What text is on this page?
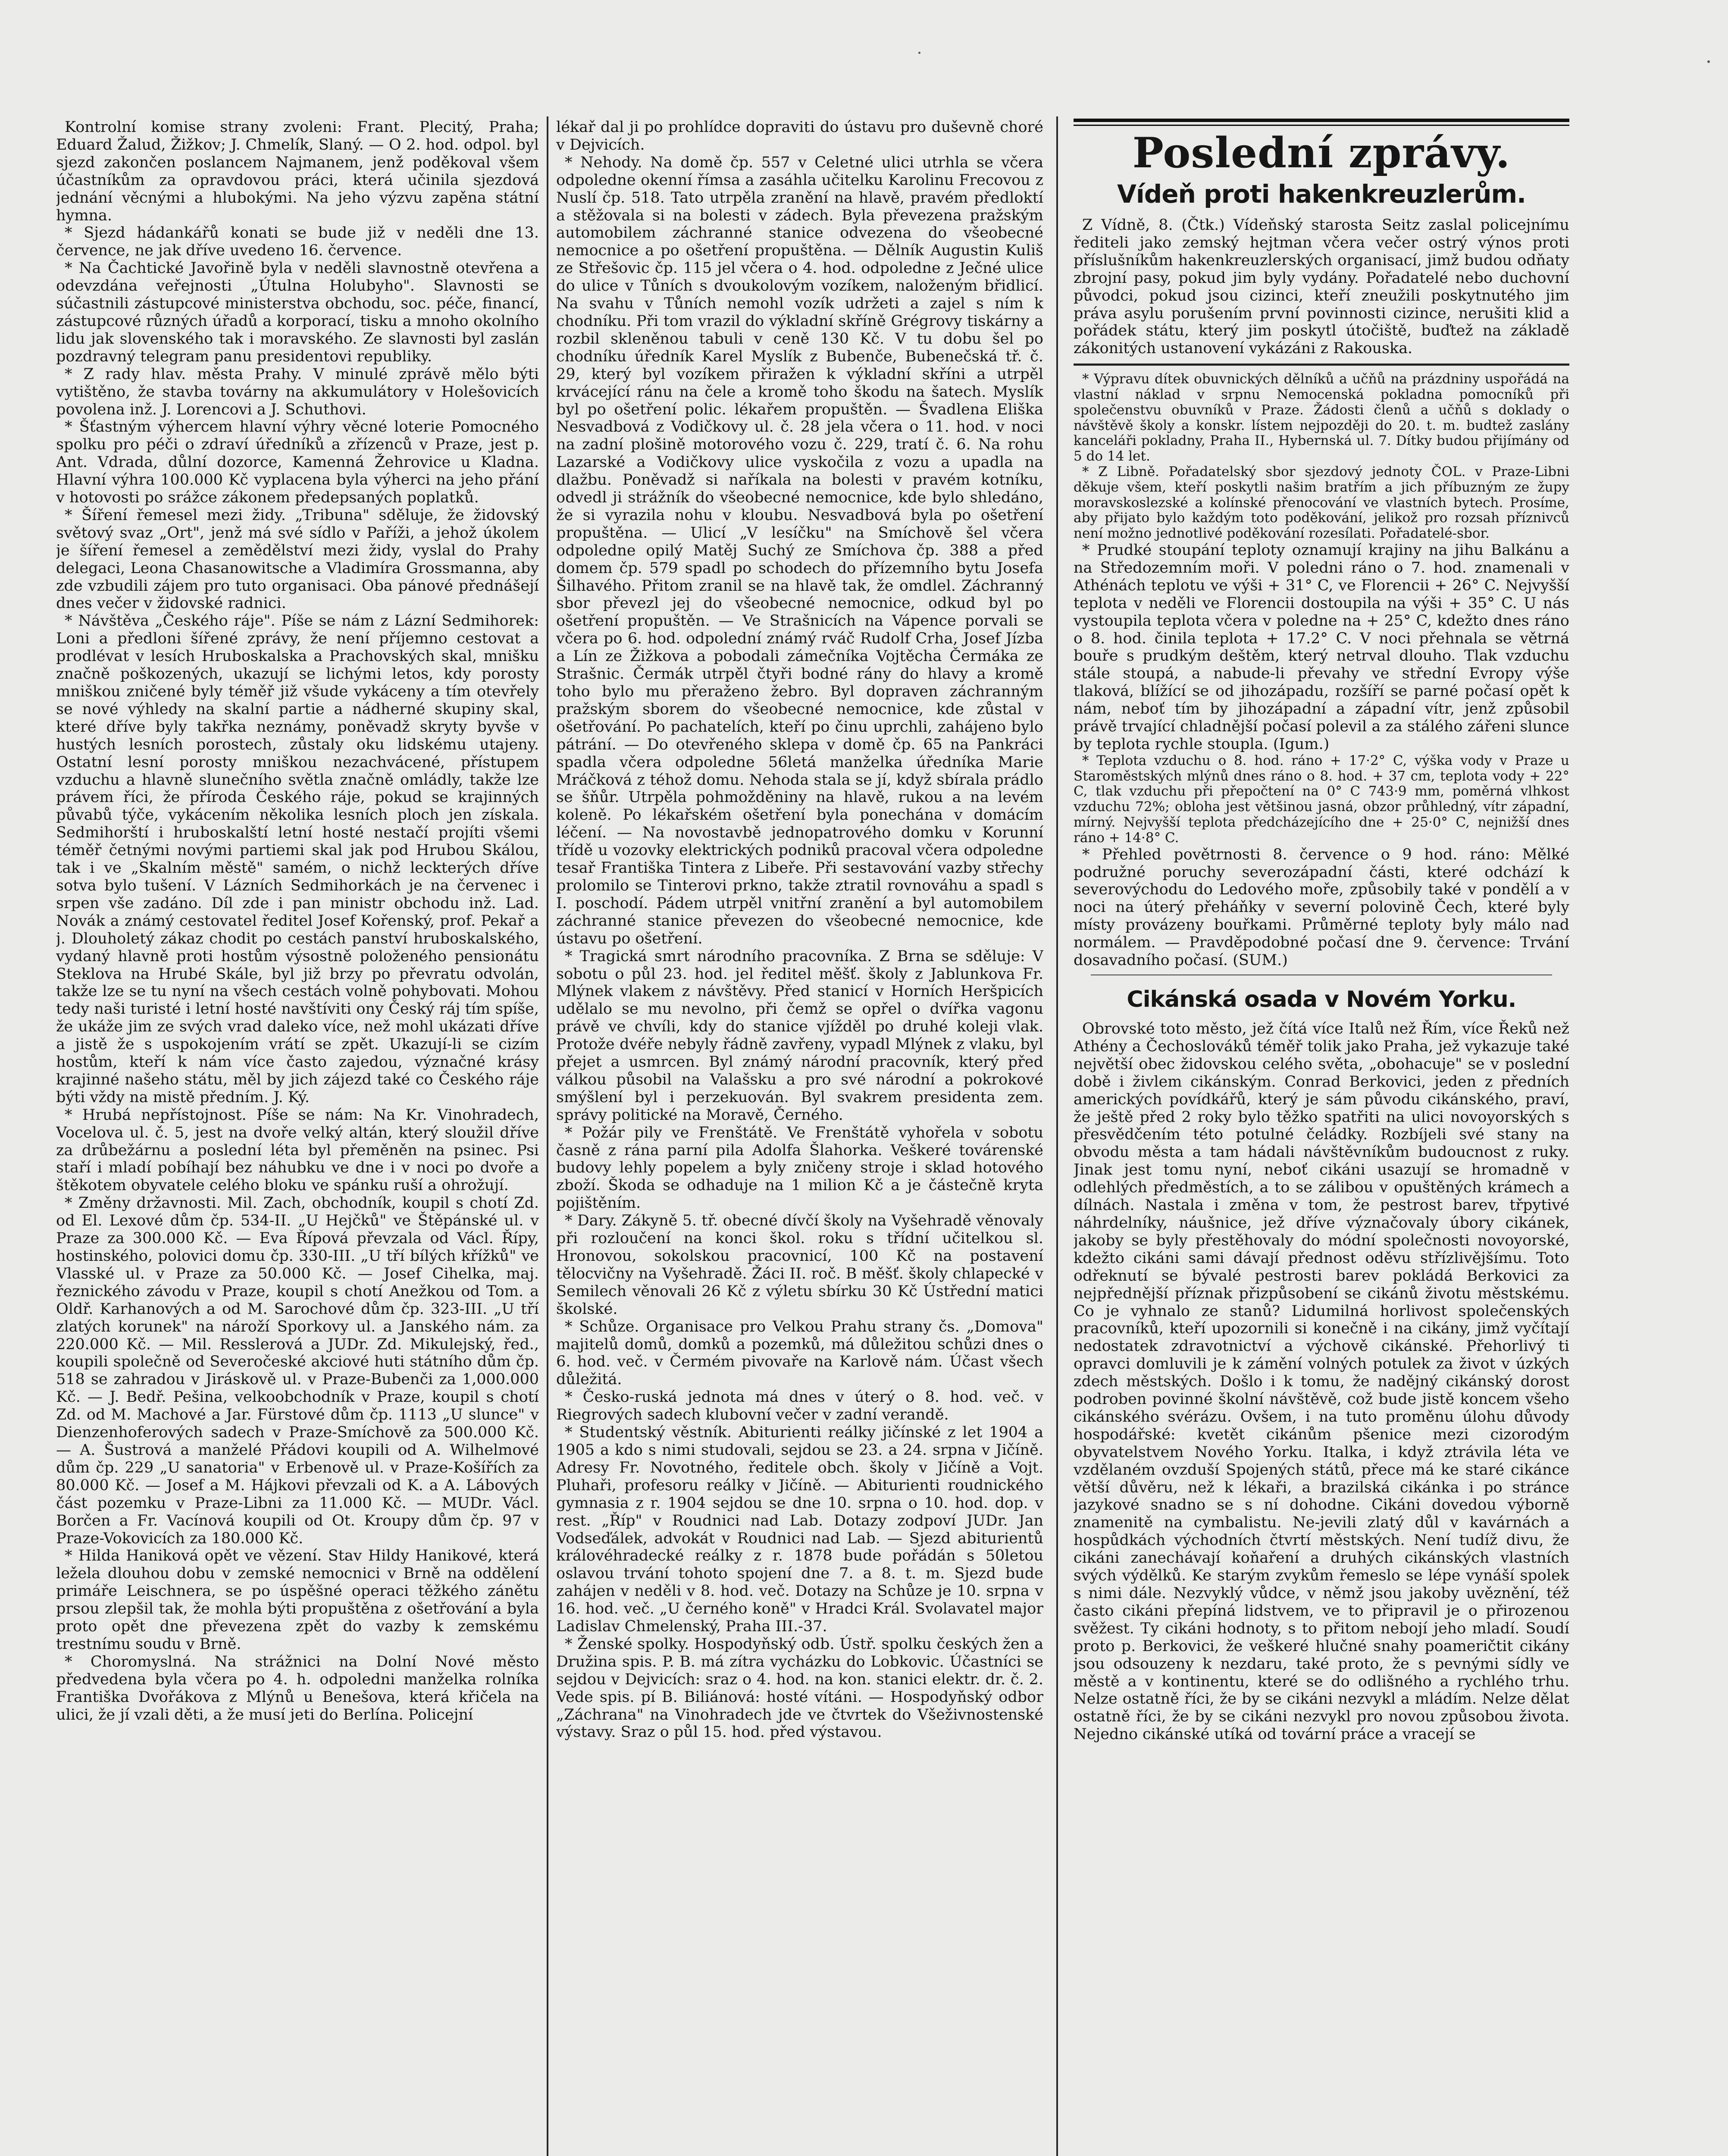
Kontrolní komise strany zvoleni: Frant. Plecitý, Praha; Eduard Žalud, Žižkov; J. Chmelík, Slaný. — O 2. hod. odpol. byl sjezd zakončen poslancem Najmanem, jenž poděkoval všem účastníkům za opravdovou práci, která učinila sjezdová jednání věcnými a hlubokými. Na jeho výzvu zapěna státní hymna.

* Sjezd hádankářů konati se bude již v neděli dne 13. července, ne jak dříve uvedeno 16. července.

* Na Čachtické Javořině byla v neděli slavnostně otevřena a odevzdána veřejnosti „Útulna Holubyho". Slavnosti se súčastnili zástupcové ministerstva obchodu, soc. péče, financí, zástupcové různých úřadů a korporací, tisku a mnoho okolního lidu jak slovenského tak i moravského. Ze slavnosti byl zaslán pozdravný telegram panu presidentovi republiky.

* Z rady hlav. města Prahy. V minulé zprávě mělo býti vytištěno, že stavba továrny na akkumulátory v Holešovicích povolena inž. J. Lorencovi a J. Schuthovi.

* Šťastným výhercem hlavní výhry věcné loterie Pomocného spolku pro péči o zdraví úředníků a zřízenců v Praze, jest p. Ant. Vdrada, důlní dozorce, Kamenná Žehrovice u Kladna. Hlavní výhra 100.000 Kč vyplacena byla výherci na jeho přání v hotovosti po srážce zákonem předepsaných poplatků.

* Šíření řemesel mezi židy. „Tribuna" sděluje, že židovský světový svaz „Ort", jenž má své sídlo v Paříži, a jehož úkolem je šíření řemesel a zemědělství mezi židy, vyslal do Prahy delegaci, Leona Chasanowitsche a Vladimíra Grossmanna, aby zde vzbudili zájem pro tuto organisaci. Oba pánové přednášejí dnes večer v židovské radnici.

* Návštěva „Českého ráje". Píše se nám z Lázní Sedmihorek: Loni a předloni šířené zprávy, že není příjemno cestovat a prodlévat v lesích Hruboskalska a Prachovských skal, mnišku značně poškozených, ukazují se lichými letos, kdy porosty mniškou zničené byly téměř již všude vykáceny a tím otevřely se nové výhledy na skalní partie a nádherné skupiny skal, které dříve byly takřka neznámy, poněvadž skryty byvše v hustých lesních porostech, zůstaly oku lidskému utajeny. Ostatní lesní porosty mniškou nezachvácené, přístupem vzduchu a hlavně slunečního světla značně omládly, takže lze právem říci, že příroda Českého ráje, pokud se krajinných půvabů týče, vykácením několika lesních ploch jen získala. Sedmihorští i hruboskalští letní hosté nestačí projíti všemi téměř četnými novými partiemi skal jak pod Hrubou Skálou, tak i ve „Skalním městě" samém, o nichž leckterých dříve sotva bylo tušení. V Lázních Sedmihorkách je na červenec i srpen vše zadáno. Díl zde i pan ministr obchodu inž. Lad. Novák a známý cestovatel ředitel Josef Kořenský, prof. Pekař a j. Dlouholetý zákaz chodit po cestách panství hruboskalského, vydaný hlavně proti hostům výsostně položeného pensionátu Steklova na Hrubé Skále, byl již brzy po převratu odvolán, takže lze se tu nyní na všech cestách volně pohybovati. Mohou tedy naši turisté i letní hosté navštíviti ony Český ráj tím spíše, že ukáže jim ze svých vrad daleko více, než mohl ukázati dříve a jistě že s uspokojením vrátí se zpět. Ukazují-li se cizím hostům, kteří k nám více často zajedou, význačné krásy krajinné našeho státu, měl by jich zájezd také co Českého ráje býti vždy na mistě předním. J. Ký.

* Hrubá nepřístojnost. Píše se nám: Na Kr. Vinohradech, Vocelova ul. č. 5, jest na dvoře velký altán, který sloužil dříve za drůbežárnu a poslední léta byl přeměněn na psinec. Psi staří i mladí pobíhají bez náhubku ve dne i v noci po dvoře a štěkotem obyvatele celého bloku ve spánku ruší a ohrožují.

* Změny državnosti. Mil. Zach, obchodník, koupil s chotí Zd. od El. Lexové dům čp. 534-II. „U Hejčků" ve Štěpánské ul. v Praze za 300.000 Kč. — Eva Řípová převzala od Václ. Řípy, hostinského, polovici domu čp. 330-III. „U tří bílých křížků" ve Vlasské ul. v Praze za 50.000 Kč. — Josef Cihelka, maj. řeznického závodu v Praze, koupil s chotí Anežkou od Tom. a Oldř. Karhanových a od M. Sarochové dům čp. 323-III. „U tří zlatých korunek" na nároží Sporkovy ul. a Janského nám. za 220.000 Kč. — Mil. Resslerová a JUDr. Zd. Mikulejský, řed., koupili společně od Severočeské akciové huti státního dům čp. 518 se zahradou v Jiráskově ul. v Praze-Bubenči za 1,000.000 Kč. — J. Bedř. Pešina, velkoobchodník v Praze, koupil s chotí Zd. od M. Machové a Jar. Fürstové dům čp. 1113 „U slunce" v Dienzenhoferových sadech v Praze-Smíchově za 500.000 Kč. — A. Šustrová a manželé Přádovi koupili od A. Wilhelmové dům čp. 229 „U sanatoria" v Erbenově ul. v Praze-Košířích za 80.000 Kč. — Josef a M. Hájkovi převzali od K. a A. Lábových část pozemku v Praze-Libni za 11.000 Kč. — MUDr. Václ. Borčen a Fr. Vacínová koupili od Ot. Kroupy dům čp. 97 v Praze-Vokovicích za 180.000 Kč.

* Hilda Haniková opět ve vězení. Stav Hildy Hanikové, která ležela dlouhou dobu v zemské nemocnici v Brně na oddělení primáře Leischnera, se po úspěšné operaci těžkého zánětu prsou zlepšil tak, že mohla býti propuštěna z ošetřování a byla proto opět dne převezena zpět do vazby k zemskému trestnímu soudu v Brně.

* Choromyslná. Na strážnici na Dolní Nové město předvedena byla včera po 4. h. odpoledni manželka rolníka Františka Dvořákova z Mlýnů u Benešova, která křičela na ulici, že jí vzali děti, a že musí jeti do Berlína. Policejní

lékař dal ji po prohlídce dopraviti do ústavu pro duševně choré v Dejvicích.

* Nehody. Na domě čp. 557 v Celetné ulici utrhla se včera odpoledne okenní římsa a zasáhla učitelku Karolinu Frecovou z Nuslí čp. 518. Tato utrpěla zranění na hlavě, pravém předloktí a stěžovala si na bolesti v zádech. Byla převezena pražským automobilem záchranné stanice odvezena do všeobecné nemocnice a po ošetření propuštěna. — Dělník Augustin Kuliš ze Střešovic čp. 115 jel včera o 4. hod. odpoledne z Ječné ulice do ulice v Tůních s dvoukolovým vozíkem, naloženým břidlicí. Na svahu v Tůních nemohl vozík udržeti a zajel s ním k chodníku. Při tom vrazil do výkladní skříně Grégrovy tiskárny a rozbil skleněnou tabuli v ceně 130 Kč. V tu dobu šel po chodníku úředník Karel Myslík z Bubenče, Bubenečská tř. č. 29, který byl vozíkem přiražen k výkladní skříni a utrpěl krvácející ránu na čele a kromě toho škodu na šatech. Myslík byl po ošetření polic. lékařem propuštěn. — Švadlena Eliška Nesvadbová z Vodičkovy ul. č. 28 jela včera o 11. hod. v noci na zadní plošině motorového vozu č. 229, tratí č. 6. Na rohu Lazarské a Vodičkovy ulice vyskočila z vozu a upadla na dlažbu. Poněvadž si naříkala na bolesti v pravém kotníku, odvedl ji strážník do všeobecné nemocnice, kde bylo shledáno, že si vyrazila nohu v kloubu. Nesvadbová byla po ošetření propuštěna. — Ulicí „V lesíčku" na Smíchově šel včera odpoledne opilý Matěj Suchý ze Smíchova čp. 388 a před domem čp. 579 spadl po schodech do přízemního bytu Josefa Šilhavého. Přitom zranil se na hlavě tak, že omdlel. Záchranný sbor převezl jej do všeobecné nemocnice, odkud byl po ošetření propuštěn. — Ve Strašnicích na Vápence porvali se včera po 6. hod. odpolední známý rváč Rudolf Crha, Josef Jízba a Lín ze Žižkova a pobodali zámečníka Vojtěcha Čermáka ze Strašnic. Čermák utrpěl čtyři bodné rány do hlavy a kromě toho bylo mu přeraženo žebro. Byl dopraven záchranným pražským sborem do všeobecné nemocnice, kde zůstal v ošetřování. Po pachatelích, kteří po činu uprchli, zahájeno bylo pátrání. — Do otevřeného sklepa v domě čp. 65 na Pankráci spadla včera odpoledne 56letá manželka úředníka Marie Mráčková z téhož domu. Nehoda stala se jí, když sbírala prádlo se šňůr. Utrpěla pohmožděniny na hlavě, rukou a na levém koleně. Po lékařském ošetření byla ponechána v domácím léčení. — Na novostavbě jednopatrového domku v Korunní třídě u vozovky elektrických podniků pracoval včera odpoledne tesař Františka Tintera z Libeře. Při sestavování vazby střechy prolomilo se Tinterovi prkno, takže ztratil rovnováhu a spadl s I. poschodí. Pádem utrpěl vnitřní zranění a byl automobilem záchranné stanice převezen do všeobecné nemocnice, kde ústavu po ošetření.

* Tragická smrt národního pracovníka. Z Brna se sděluje: V sobotu o půl 23. hod. jel ředitel měšť. školy z Jablunkova Fr. Mlýnek vlakem z návštěvy. Před stanicí v Horních Heršpicích udělalo se mu nevolno, při čemž se opřel o dvířka vagonu právě ve chvíli, kdy do stanice vjížděl po druhé koleji vlak. Protože dvéře nebyly řádně zavřeny, vypadl Mlýnek z vlaku, byl přejet a usmrcen. Byl známý národní pracovník, který před válkou působil na Valašsku a pro své národní a pokrokové smýšlení byl i perzekuován. Byl svakrem presidenta zem. správy politické na Moravě, Černého.

* Požár pily ve Frenštátě. Ve Frenštátě vyhořela v sobotu časně z rána parní pila Adolfa Šlahorka. Veškeré továrenské budovy lehly popelem a byly zničeny stroje i sklad hotového zboží. Škoda se odhaduje na 1 milion Kč a je částečně kryta pojištěním.

* Dary. Zákyně 5. tř. obecné dívčí školy na Vyšehradě věnovaly při rozloučení na konci škol. roku s třídní učitelkou sl. Hronovou, sokolskou pracovnicí, 100 Kč na postavení tělocvičny na Vyšehradě. Žáci II. roč. B měšť. školy chlapecké v Semilech věnovali 26 Kč z výletu sbírku 30 Kč Ústřední matici školské.

* Schůze. Organisace pro Velkou Prahu strany čs. „Domova" majitelů domů, domků a pozemků, má důležitou schůzi dnes o 6. hod. več. v Čermém pivovaře na Karlově nám. Účast všech důležitá.

* Česko-ruská jednota má dnes v úterý o 8. hod. več. v Riegrových sadech klubovní večer v zadní verandě.

* Studentský věstník. Abiturienti reálky jičínské z let 1904 a 1905 a kdo s nimi studovali, sejdou se 23. a 24. srpna v Jičíně. Adresy Fr. Novotného, ředitele obch. školy v Jičíně a Vojt. Pluhaři, profesoru reálky v Jičíně. — Abiturienti roudnického gymnasia z r. 1904 sejdou se dne 10. srpna o 10. hod. dop. v rest. „Říp" v Roudnici nad Lab. Dotazy zodpoví JUDr. Jan Vodseďálek, advokát v Roudnici nad Lab. — Sjezd abiturientů královéhradecké reálky z r. 1878 bude pořádán s 50letou oslavou trvání tohoto spojení dne 7. a 8. t. m. Sjezd bude zahájen v neděli v 8. hod. več. Dotazy na Schůze je 10. srpna v 16. hod. več. „U černého koně" v Hradci Král. Svolavatel major Ladislav Chmelenský, Praha III.-37.

* Ženské spolky. Hospodyňský odb. Ústř. spolku českých žen a Družina spis. P. B. má zítra vycházku do Lobkovic. Účastníci se sejdou v Dejvicích: sraz o 4. hod. na kon. stanici elektr. dr. č. 2. Vede spis. pí B. Biliánová: hosté vítáni. — Hospodyňský odbor „Záchrana" na Vinohradech jde ve čtvrtek do Všeživnostenské výstavy. Sraz o půl 15. hod. před výstavou.

Poslední zprávy.
Vídeň proti hakenkreuzlerům.

Z Vídně, 8. (Čtk.) Vídeňský starosta Seitz zaslal policejnímu řediteli jako zemský hejtman včera večer ostrý výnos proti příslušníkům hakenkreuzlerských organisací, jimž budou odňaty zbrojní pasy, pokud jim byly vydány. Pořadatelé nebo duchovní původci, pokud jsou cizinci, kteří zneužili poskytnutého jim práva asylu porušením první povinnosti cizince, nerušiti klid a pořádek státu, který jim poskytl útočiště, buďtež na základě zákonitých ustanovení vykázáni z Rakouska.

* Výpravu dítek obuvnických dělníků a učňů na prázdniny uspořádá na vlastní náklad v srpnu Nemocenská pokladna pomocníků při společenstvu obuvníků v Praze. Žádosti členů a učňů s doklady o návštěvě školy a konskr. lístem nejpozději do 20. t. m. budtež zaslány kanceláři pokladny, Praha II., Hybernská ul. 7. Dítky budou přijímány od 5 do 14 let.

* Z Libně. Pořadatelský sbor sjezdový jednoty ČOL. v Praze-Libni děkuje všem, kteří poskytli našim bratřím a jich příbuzným ze župy moravskoslezské a kolínské přenocování ve vlastních bytech. Prosíme, aby přijato bylo každým toto poděkování, jelikož pro rozsah příznivců není možno jednotlivé poděkování rozesílati. Pořadatelé-sbor.

* Prudké stoupání teploty oznamují krajiny na jihu Balkánu a na Středozemním moři. V poledni ráno o 7. hod. znamenali v Athénách teplotu ve výši + 31° C, ve Florencii + 26° C. Nejvyšší teplota v neděli ve Florencii dostoupila na výši + 35° C. U nás vystoupila teplota včera v poledne na + 25° C, kdežto dnes ráno o 8. hod. činila teplota + 17.2° C. V noci přehnala se větrná bouře s prudkým deštěm, který netrval dlouho. Tlak vzduchu stále stoupá, a nabude-li převahy ve střední Evropy výše tlaková, blížící se od jihozápadu, rozšíří se parné počasí opět k nám, neboť tím by jihozápadní a západní vítr, jenž způsobil právě trvající chladnější počasí polevil a za stálého zářeni slunce by teplota rychle stoupla. (Igum.)

* Teplota vzduchu o 8. hod. ráno + 17·2° C, výška vody v Praze u Staroměstských mlýnů dnes ráno o 8. hod. + 37 cm, teplota vody + 22° C, tlak vzduchu při přepočtení na 0° C 743·9 mm, poměrná vlhkost vzduchu 72%; obloha jest většinou jasná, obzor průhledný, vítr západní, mírný. Nejvyšší teplota předcházejícího dne + 25·0° C, nejnižší dnes ráno + 14·8° C.

* Přehled povětrnosti 8. července o 9 hod. ráno: Mělké podružné poruchy severozápadní části, které odchází k severovýchodu do Ledového moře, způsobily také v pondělí a v noci na úterý přeháňky v severní polovině Čech, které byly místy provázeny bouřkami. Průměrné teploty byly málo nad normálem. — Pravděpodobné počasí dne 9. července: Trvání dosavadního počasí. (SUM.)

Cikánská osada v Novém Yorku.

Obrovské toto město, jež čítá více Italů než Řím, více Řeků než Athény a Čechoslováků téměř tolik jako Praha, jež vykazuje také největší obec židovskou celého světa, „obohacuje" se v poslední době i živlem cikánským. Conrad Berkovici, jeden z předních amerických povídkářů, který je sám původu cikánského, praví, že ještě před 2 roky bylo těžko spatřiti na ulici novoyorských s přesvědčením této potulné čeládky. Rozbíjeli své stany na obvodu města a tam hádali návštěvníkům budoucnost z ruky. Jinak jest tomu nyní, neboť cikáni usazují se hromadně v odlehlých předměstích, a to se zálibou v opuštěných krámech a dílnách. Nastala i změna v tom, že pestrost barev, třpytivé náhrdelníky, náušnice, jež dříve význačovaly úbory cikánek, jakoby se byly přestěhovaly do módní společnosti novoyorské, kdežto cikáni sami dávají přednost oděvu střízlivějšímu. Toto odřeknutí se bývalé pestrosti barev pokládá Berkovici za nejpřednější příznak přizpůsobení se cikánů životu městskému. Co je vyhnalo ze stanů? Lidumilná horlivost společenských pracovníků, kteří upozornili si konečně i na cikány, jimž vyčítají nedostatek zdravotnictví a výchově cikánské. Přehorlivý ti opravci domluvili je k zámění volných potulek za život v úzkých zdech městských. Došlo i k tomu, že nadějný cikánský dorost podroben povinné školní návštěvě, což bude jistě koncem všeho cikánského svérázu. Ovšem, i na tuto proměnu úlohu důvody hospodářské: kvetět cikánům pšenice mezi cizorodým obyvatelstvem Nového Yorku. Italka, i když ztrávila léta ve vzdělaném ovzduší Spojených států, přece má ke staré cikánce větší důvěru, než k lékaři, a brazilská cikánka i po stránce jazykové snadno se s ní dohodne. Cikáni dovedou výborně znamenitě na cymbalistu. Ne-jevili zlatý důl v kavárnách a hospůdkách východních čtvrtí městských. Není tudíž divu, že cikáni zanechávají koňaření a druhých cikánských vlastních svých výdělků. Ke starým zvykům řemeslo se lépe vynáší spolek s nimi dále. Nezvyklý vůdce, v němž jsou jakoby uvěznění, též často cikáni přepíná lidstvem, ve to připravil je o přirozenou svěžest. Ty cikáni hodnoty, s to přitom nebojí jeho mladí. Soudí proto p. Berkovici, že veškeré hlučné snahy poameričtit cikány jsou odsouzeny k nezdaru, také proto, že s pevnými sídly ve městě a v kontinentu, které se do odlišného a rychlého trhu. Nelze ostatně říci, že by se cikáni nezvykl a mládím. Nelze dělat ostatně říci, že by se cikáni nezvykl pro novou způsobou života. Nejedno cikánské utíká od tovární práce a vracejí se
